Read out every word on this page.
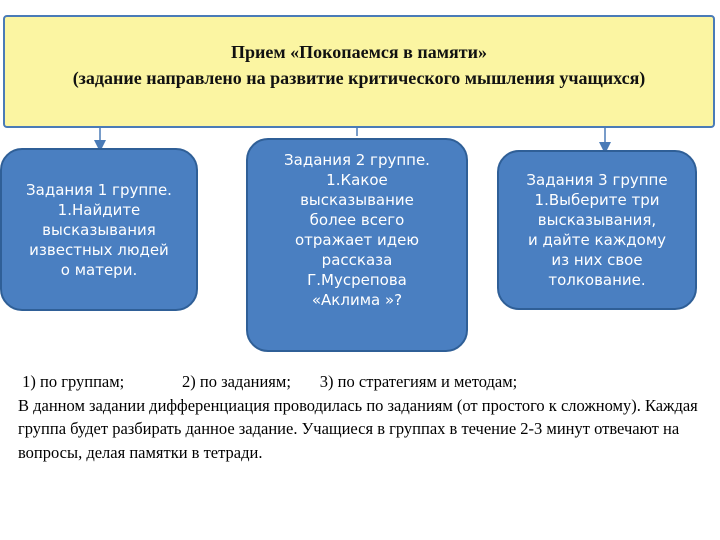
Прием «Покопаемся в памяти»
(задание направлено на развитие критического мышления учащихся)
Задания 1 группе.
1.Найдите
высказывания
известных людей
о матери.
Задания 2 группе.
1.Какое
высказывание
более всего
отражает идею
рассказа
Г.Мусрепова
«Аклима »?
Задания 3 группе
1.Выберите три
высказывания,
и дайте каждому
из них свое
толкование.
1) по группам;              2) по заданиям;       3) по стратегиям и методам;
В данном задании дифференциация проводилась по заданиям (от простого к сложному). Каждая группа будет разбирать данное задание. Учащиеся в группах в течение 2-3 минут отвечают на вопросы, делая памятки в тетради.
